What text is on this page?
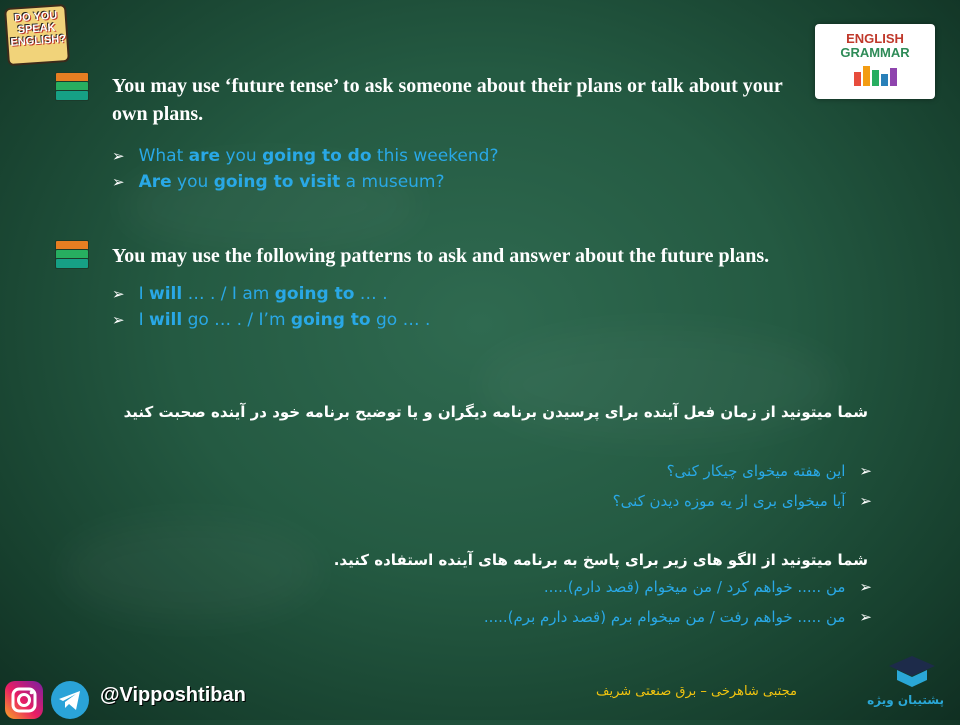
DO YOU
SPEAK
ENGLISH?	ENGLISH
GRAMMAR
You may use ‘future tense’ to ask someone about their plans or talk about your own plans.
➢ What are you going to do this weekend?
➢ Are you going to visit a museum?
You may use the following patterns to ask and answer about the future plans.
➢ I will … . / I am going to … .
➢ I will go … . / I’m going to go … .
شما میتونید از زمان فعل آینده برای پرسیدن برنامه دیگران و یا توضیح برنامه خود در آینده صحبت کنید
➢این هفته میخوای چیکار کنی؟
➢آیا میخوای بری از یه موزه دیدن کنی؟
شما میتونید از الگو های زیر برای پاسخ به برنامه های آینده استفاده کنید.
➢من ..... خواهم کرد / من میخوام (قصد دارم).....
➢من ..... خواهم رفت / من میخوام برم (قصد دارم برم).....
@Vipposhtiban	مجتبی شاهرخی – برق صنعتی شریف
پشتیبان ویژه
